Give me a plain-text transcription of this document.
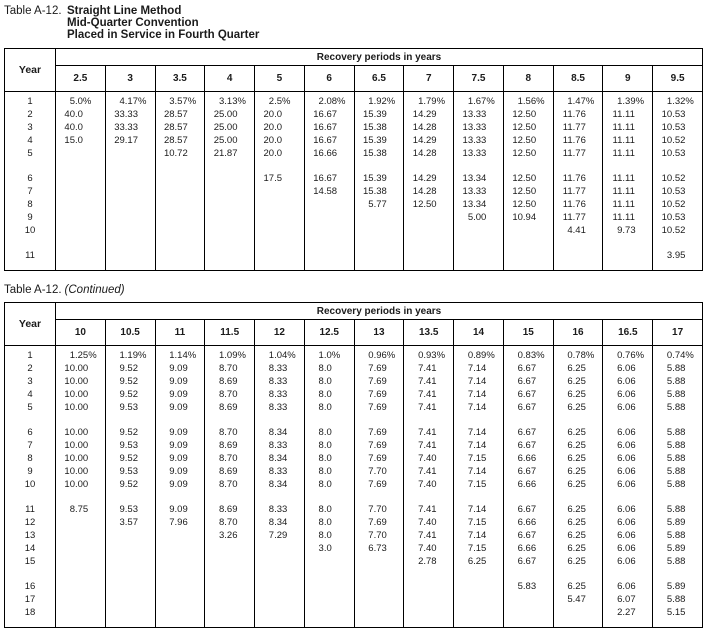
Table A-12. Straight Line Method
Mid-Quarter Convention
Placed in Service in Fourth Quarter
Year	Recovery periods in years												
	2.5	3	3.5	4	5	6	6.5	7	7.5	8	8.5	9	9.5
1	5 .0%	4 .17%	3 .57%	3 .13%	2 .5%	2 .08%	1 .92%	1 .79%	1 .67%	1 .56%	1 .47%	1 .39%	1 .32%

2	40 .0	33 .33	28 .57	25 .00	20 .0	16 .67	15 .39	14 .29	13 .33	12 .50	11 .76	11 .11	10 .53

3	40 .0	33 .33	28 .57	25 .00	20 .0	16 .67	15 .38	14 .28	13 .33	12 .50	11 .77	11 .11	10 .53

4	15 .0	29 .17	28 .57	25 .00	20 .0	16 .67	15 .39	14 .29	13 .33	12 .50	11 .76	11 .11	10 .52

5			10 .72	21 .87	20 .0	16 .66	15 .38	14 .28	13 .33	12 .50	11 .77	11 .11	10 .53

6					17 .5	16 .67	15 .39	14 .29	13 .34	12 .50	11 .76	11 .11	10 .52

7						14 .58	15 .38	14 .28	13 .33	12 .50	11 .77	11 .11	10 .53

8							5 .77	12 .50	13 .34	12 .50	11 .76	11 .11	10 .52

9									5 .00	10 .94	11 .77	11 .11	10 .53

10											4 .41	9 .73	10 .52

11													3 .95

Table A-12. (Continued)
Year	Recovery periods in years												
	10	10.5	11	11.5	12	12.5	13	13.5	14	15	16	16.5	17
1	1 .25%	1 .19%	1 .14%	1 .09%	1 .04%	1 .0%	0 .96%	0 .93%	0 .89%	0 .83%	0 .78%	0 .76%	0 .74%

2	10 .00	9 .52	9 .09	8 .70	8 .33	8 .0	7 .69	7 .41	7 .14	6 .67	6 .25	6 .06	5 .88

3	10 .00	9 .52	9 .09	8 .69	8 .33	8 .0	7 .69	7 .41	7 .14	6 .67	6 .25	6 .06	5 .88

4	10 .00	9 .52	9 .09	8 .70	8 .33	8 .0	7 .69	7 .41	7 .14	6 .67	6 .25	6 .06	5 .88

5	10 .00	9 .53	9 .09	8 .69	8 .33	8 .0	7 .69	7 .41	7 .14	6 .67	6 .25	6 .06	5 .88

6	10 .00	9 .52	9 .09	8 .70	8 .34	8 .0	7 .69	7 .41	7 .14	6 .67	6 .25	6 .06	5 .88

7	10 .00	9 .53	9 .09	8 .69	8 .33	8 .0	7 .69	7 .41	7 .14	6 .67	6 .25	6 .06	5 .88

8	10 .00	9 .52	9 .09	8 .70	8 .34	8 .0	7 .69	7 .40	7 .15	6 .66	6 .25	6 .06	5 .88

9	10 .00	9 .53	9 .09	8 .69	8 .33	8 .0	7 .70	7 .41	7 .14	6 .67	6 .25	6 .06	5 .88

10	10 .00	9 .52	9 .09	8 .70	8 .34	8 .0	7 .69	7 .40	7 .15	6 .66	6 .25	6 .06	5 .88

11	8 .75	9 .53	9 .09	8 .69	8 .33	8 .0	7 .70	7 .41	7 .14	6 .67	6 .25	6 .06	5 .88

12		3 .57	7 .96	8 .70	8 .34	8 .0	7 .69	7 .40	7 .15	6 .66	6 .25	6 .06	5 .89

13				3 .26	7 .29	8 .0	7 .70	7 .41	7 .14	6 .67	6 .25	6 .06	5 .88

14						3 .0	6 .73	7 .40	7 .15	6 .66	6 .25	6 .06	5 .89

15								2 .78	6 .25	6 .67	6 .25	6 .06	5 .88

16										5 .83	6 .25	6 .06	5 .89

17											5 .47	6 .07	5 .88

18												2 .27	5 .15
